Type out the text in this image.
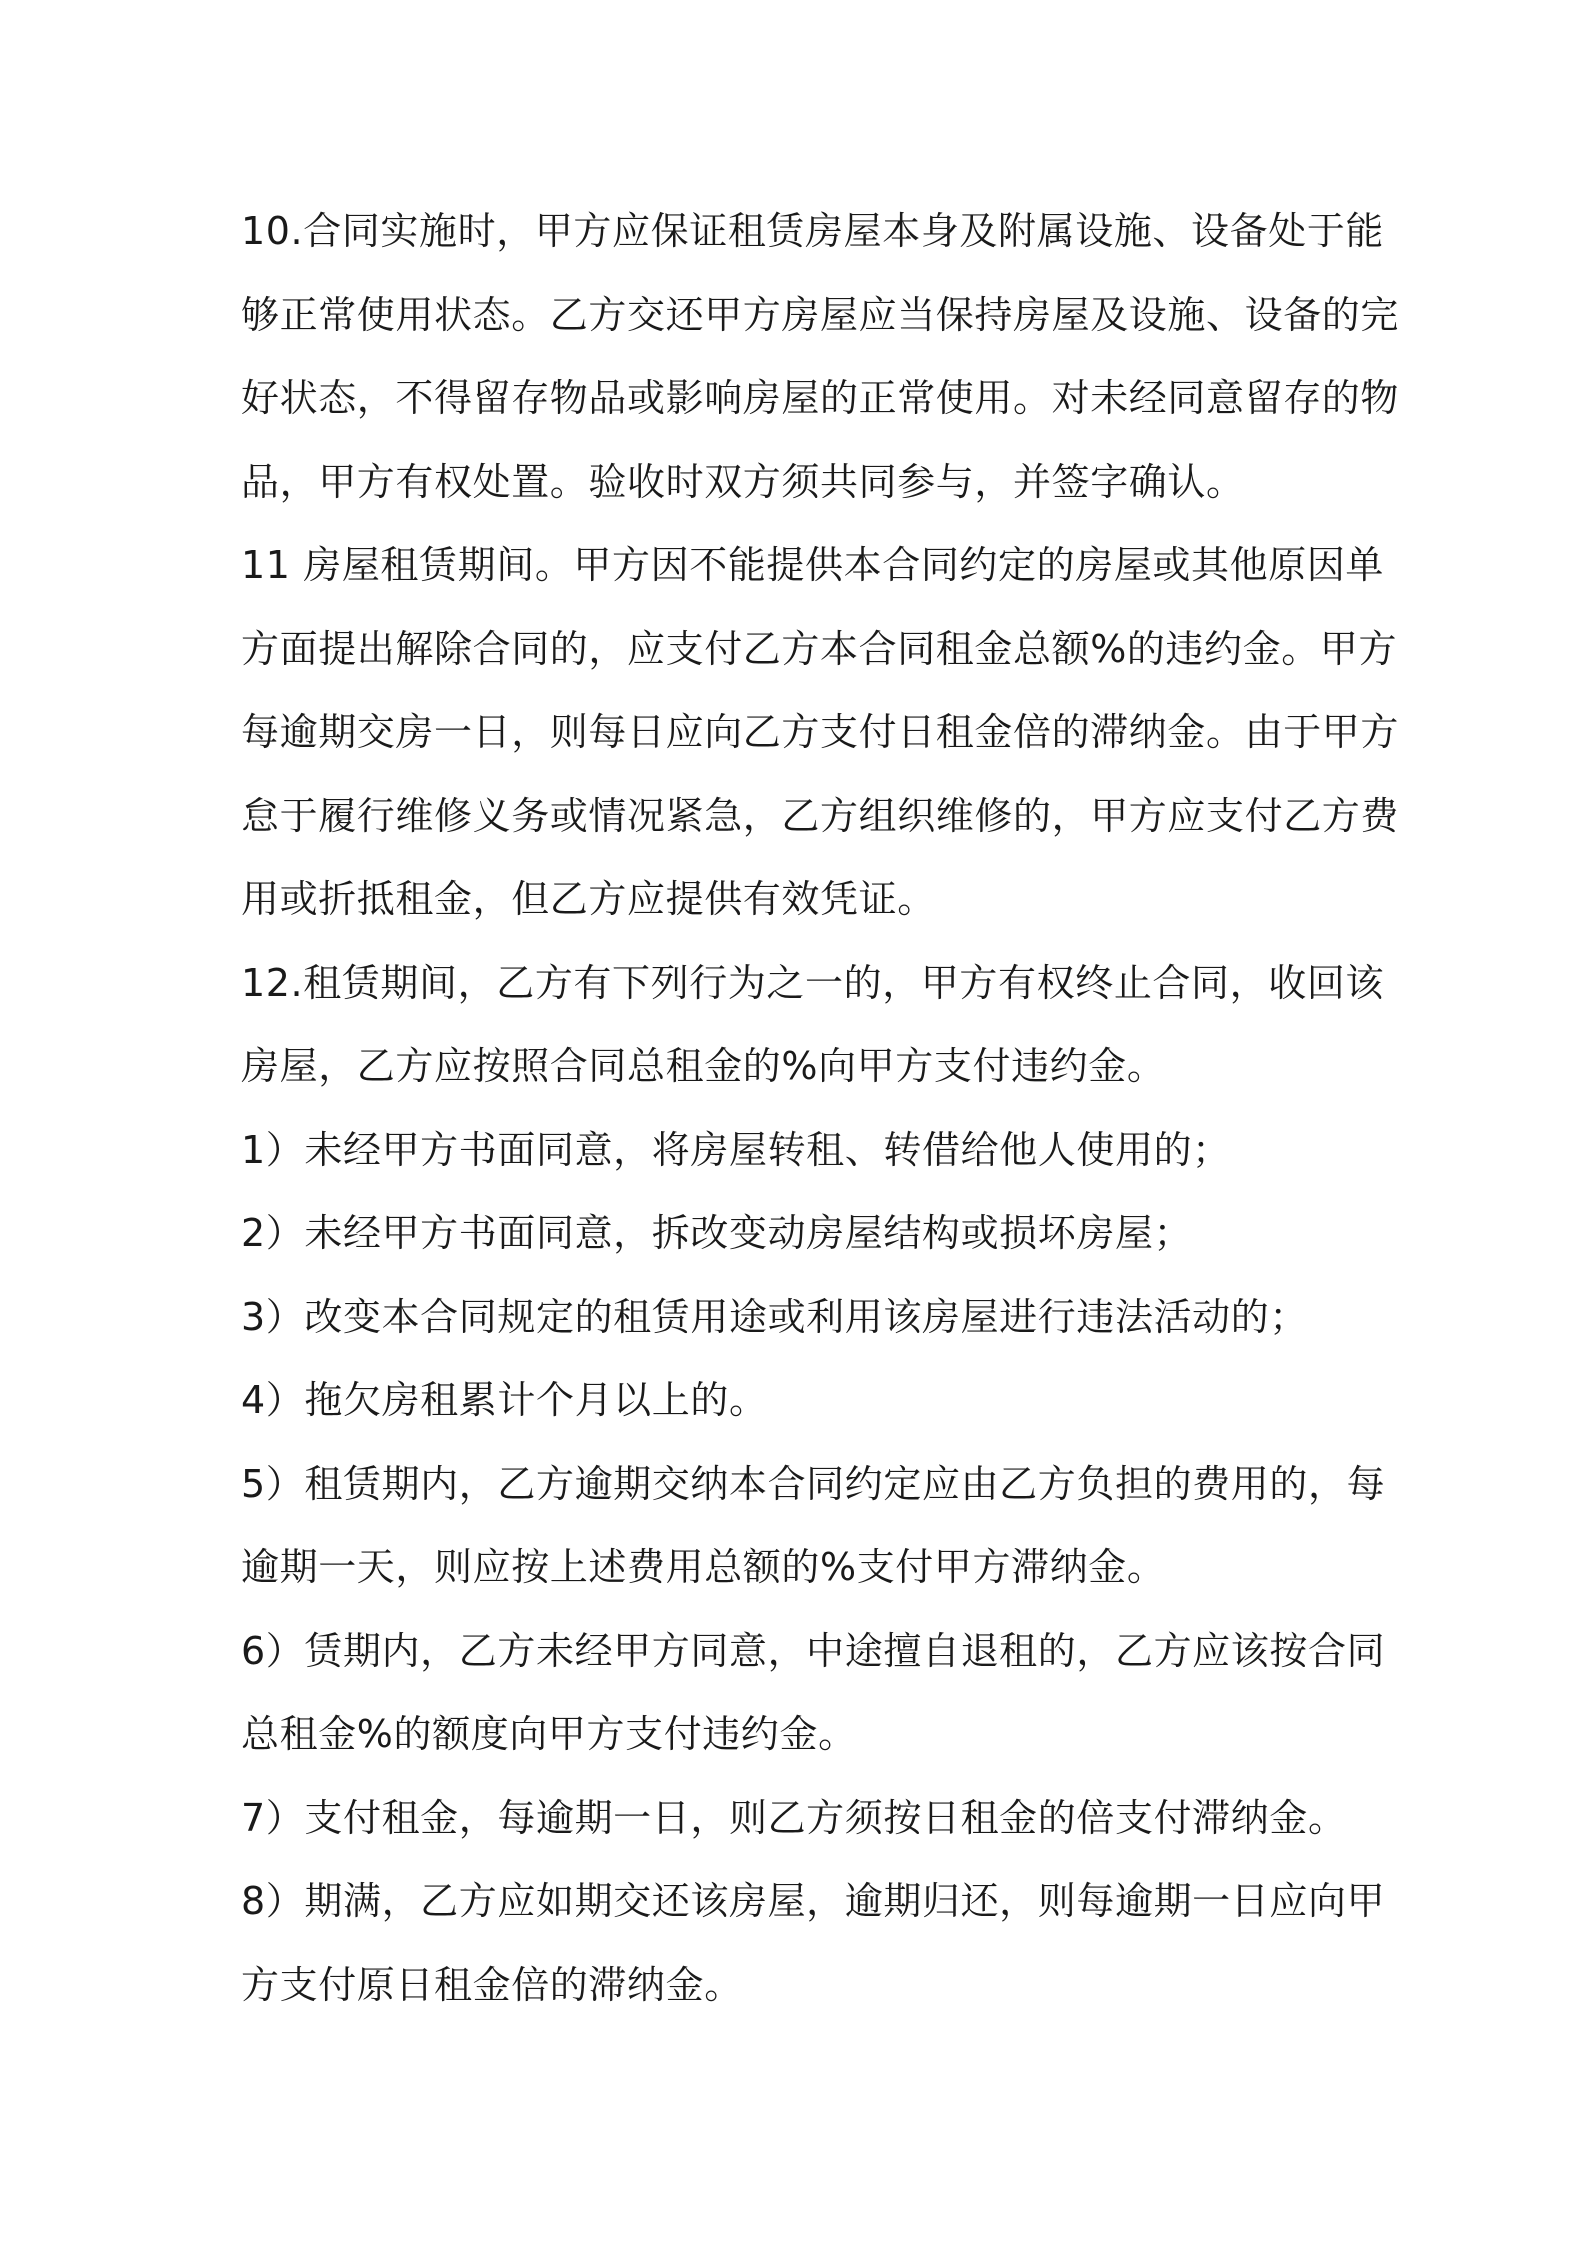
10.合同实施时，甲方应保证租赁房屋本身及附属设施、设备处于能
够正常使用状态。乙方交还甲方房屋应当保持房屋及设施、设备的完
好状态，不得留存物品或影响房屋的正常使用。对未经同意留存的物
品，甲方有权处置。验收时双方须共同参与，并签字确认。
11 房屋租赁期间。甲方因不能提供本合同约定的房屋或其他原因单
方面提出解除合同的，应支付乙方本合同租金总额%的违约金。甲方
每逾期交房一日，则每日应向乙方支付日租金倍的滞纳金。由于甲方
怠于履行维修义务或情况紧急，乙方组织维修的，甲方应支付乙方费
用或折抵租金，但乙方应提供有效凭证。
12.租赁期间，乙方有下列行为之一的，甲方有权终止合同，收回该
房屋，乙方应按照合同总租金的%向甲方支付违约金。
1）未经甲方书面同意，将房屋转租、转借给他人使用的；
2）未经甲方书面同意，拆改变动房屋结构或损坏房屋；
3）改变本合同规定的租赁用途或利用该房屋进行违法活动的；
4）拖欠房租累计个月以上的。
5）租赁期内，乙方逾期交纳本合同约定应由乙方负担的费用的，每
逾期一天，则应按上述费用总额的%支付甲方滞纳金。
6）赁期内，乙方未经甲方同意，中途擅自退租的，乙方应该按合同
总租金%的额度向甲方支付违约金。
7）支付租金，每逾期一日，则乙方须按日租金的倍支付滞纳金。
8）期满，乙方应如期交还该房屋，逾期归还，则每逾期一日应向甲
方支付原日租金倍的滞纳金。
